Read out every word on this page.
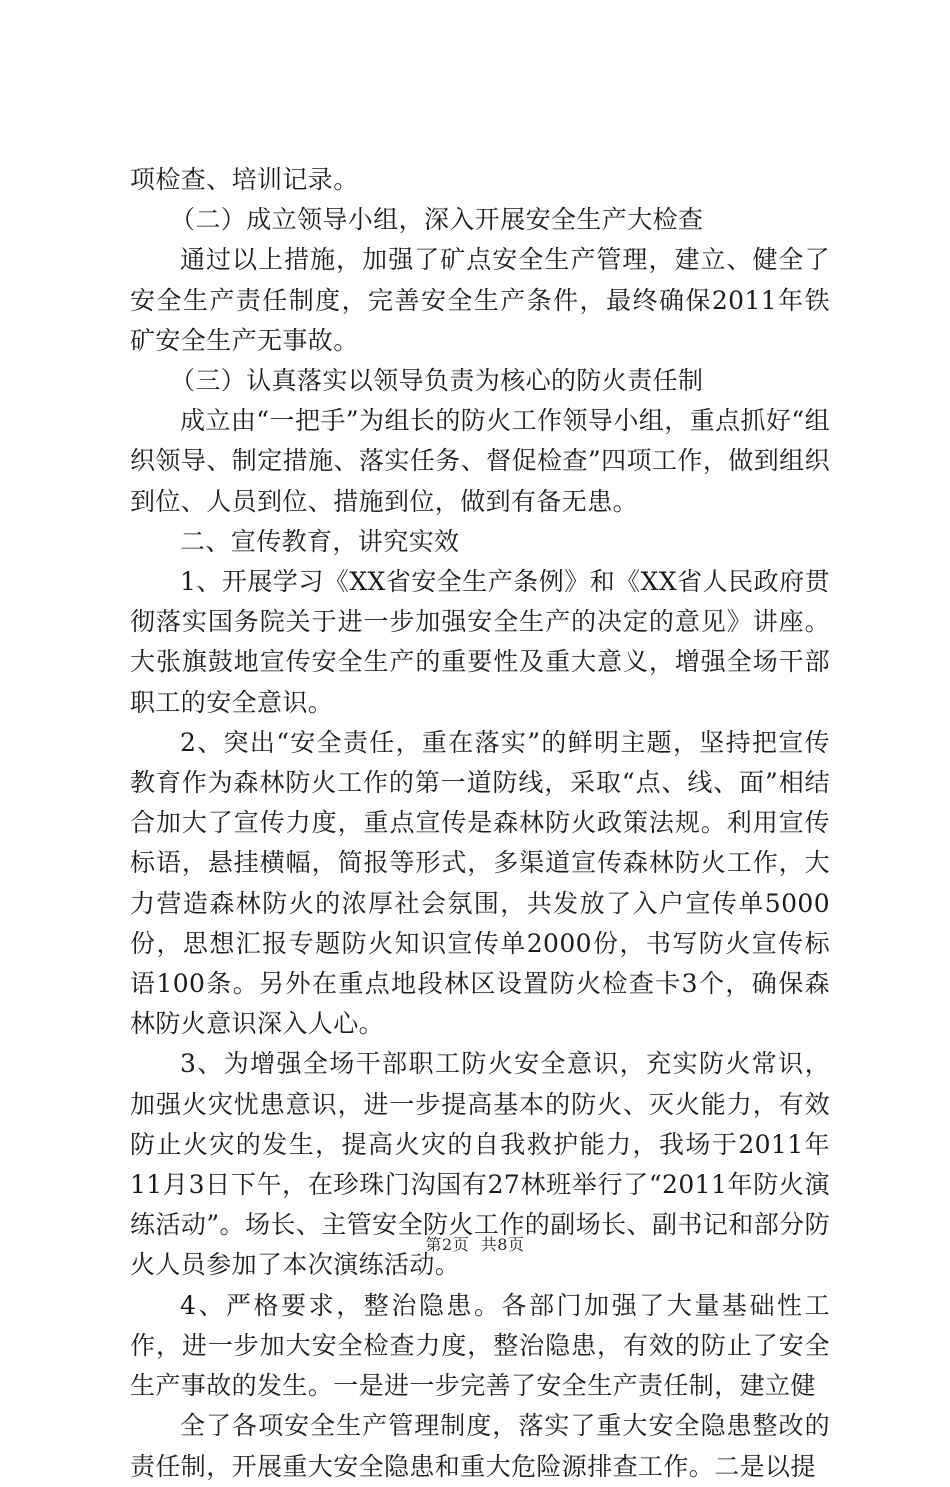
项检查、培训记录。

（二）成立领导小组，深入开展安全生产大检查

通过以上措施，加强了矿点安全生产管理，建立、健全了安全生产责任制度，完善安全生产条件，最终确保2011年铁矿安全生产无事故。

（三）认真落实以领导负责为核心的防火责任制

成立由“一把手”为组长的防火工作领导小组，重点抓好“组织领导、制定措施、落实任务、督促检查”四项工作，做到组织到位、人员到位、措施到位，做到有备无患。

二、宣传教育，讲究实效

1、开展学习《XX省安全生产条例》和《XX省人民政府贯彻落实国务院关于进一步加强安全生产的决定的意见》讲座。大张旗鼓地宣传安全生产的重要性及重大意义，增强全场干部职工的安全意识。

2、突出“安全责任，重在落实”的鲜明主题，坚持把宣传教育作为森林防火工作的第一道防线，采取“点、线、面”相结合加大了宣传力度，重点宣传是森林防火政策法规。利用宣传标语，悬挂横幅，简报等形式，多渠道宣传森林防火工作，大力营造森林防火的浓厚社会氛围，共发放了入户宣传单5000份，思想汇报专题防火知识宣传单2000份，书写防火宣传标语100条。另外在重点地段林区设置防火检查卡3个，确保森林防火意识深入人心。

3、为增强全场干部职工防火安全意识，充实防火常识，加强火灾忧患意识，进一步提高基本的防火、灭火能力，有效防止火灾的发生，提高火灾的自我救护能力，我场于2011年11月3日下午，在珍珠门沟国有27林班举行了“2011年防火演练活动”。场长、主管安全防火工作的副场长、副书记和部分防火人员参加了本次演练活动。

4、严格要求，整治隐患。各部门加强了大量基础性工作，进一步加大安全检查力度，整治隐患，有效的防止了安全生产事故的发生。一是进一步完善了安全生产责任制，建立健

全了各项安全生产管理制度，落实了重大安全隐患整改的责任制，开展重大安全隐患和重大危险源排查工作。二是以提

第2页 共8页
